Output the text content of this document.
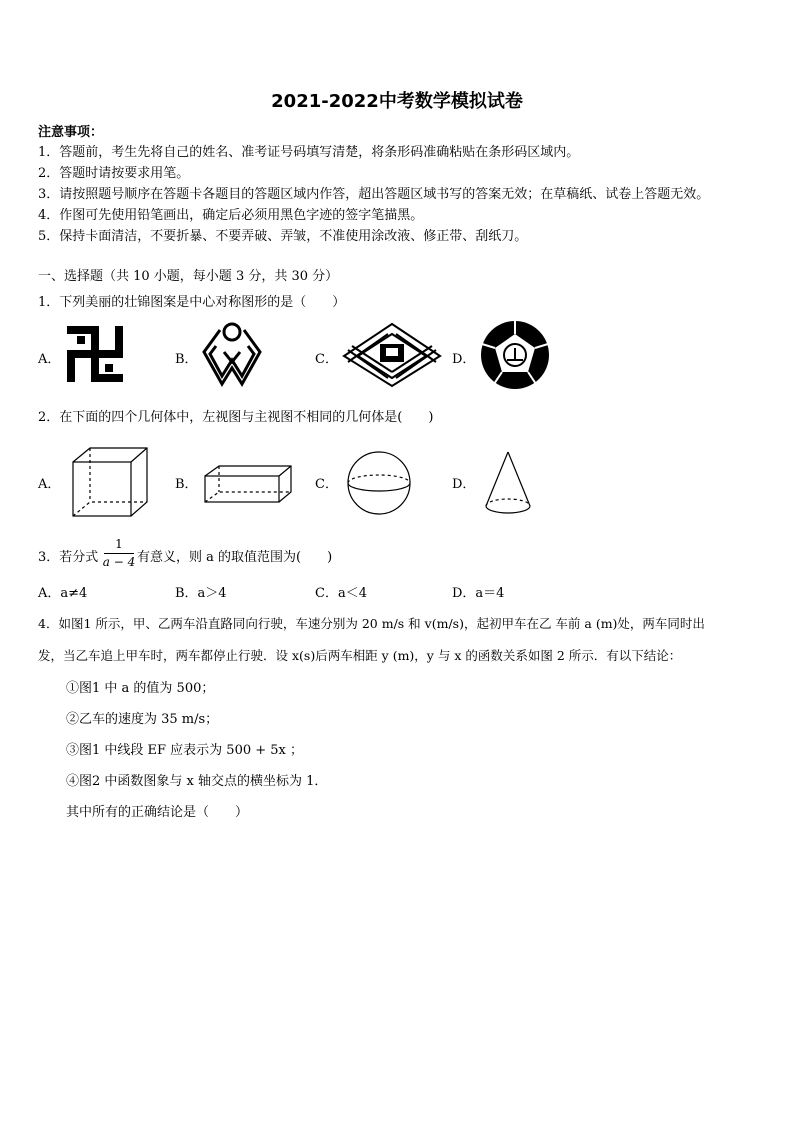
2021-2022中考数学模拟试卷
注意事项：
1．答题前，考生先将自己的姓名、准考证号码填写清楚，将条形码准确粘贴在条形码区域内。
2．答题时请按要求用笔。
3．请按照题号顺序在答题卡各题目的答题区域内作答，超出答题区域书写的答案无效；在草稿纸、试卷上答题无效。
4．作图可先使用铅笔画出，确定后必须用黑色字迹的签字笔描黑。
5．保持卡面清洁，不要折暴、不要弄破、弄皱，不准使用涂改液、修正带、刮纸刀。
一、选择题（共 10 小题，每小题 3 分，共 30 分）
1．下列美丽的壮锦图案是中心对称图形的是（　　）
A．	B．	C．	D．
2．在下面的四个几何体中，左视图与主视图不相同的几何体是(　　)
A．	B．	C．	D．
3．若分式
1
a − 4 有意义，则 a 的取值范围为(　　)
A．a≠4	B．a＞4	C．a＜4	D．a＝4
4．如图1 所示，甲、乙两车沿直路同向行驶，车速分别为 20 m/s 和 v(m/s)，起初甲车在乙 车前 a (m)处，两车同时出
发，当乙车追上甲车时，两车都停止行驶．设 x(s)后两车相距 y (m)，y 与 x 的函数关系如图 2 所示．有以下结论：
①图1 中 a 的值为 500；
②乙车的速度为 35 m/s；
③图1 中线段 EF 应表示为 500 + 5x ；
④图2 中函数图象与 x 轴交点的横坐标为 1．
其中所有的正确结论是（　　）
